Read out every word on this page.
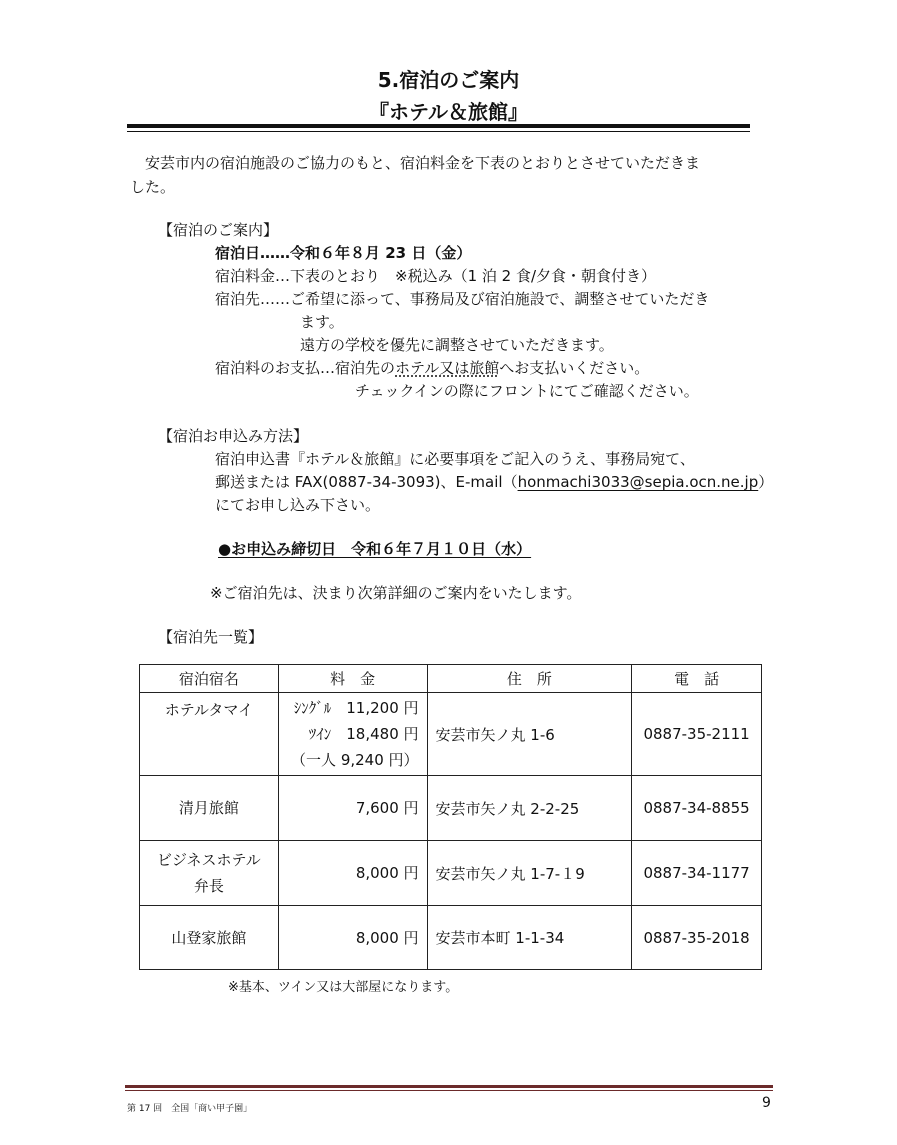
5.宿泊のご案内
『ホテル＆旅館』
安芸市内の宿泊施設のご協力のもと、宿泊料金を下表のとおりとさせていただきま
した。
【宿泊のご案内】
宿泊日……令和６年８月 23 日（金）
宿泊料金…下表のとおり　※税込み（1 泊 2 食/夕食・朝食付き）
宿泊先……ご希望に添って、事務局及び宿泊施設で、調整させていただき
ます。
遠方の学校を優先に調整させていただきます。
宿泊料のお支払…宿泊先のホテル又は旅館へお支払いください。
チェックインの際にフロントにてご確認ください。
【宿泊お申込み方法】
宿泊申込書『ホテル＆旅館』に必要事項をご記入のうえ、事務局宛て、
郵送または FAX(0887-34-3093)、E-mail（honmachi3033@sepia.ocn.ne.jp）
にてお申し込み下さい。
●お申込み締切日　令和６年７月１０日（水）
※ご宿泊先は、決まり次第詳細のご案内をいたします。
【宿泊先一覧】
宿泊宿名	料　金	住　所	電　話

ホテルタマイ	ｼﾝｸﾞﾙ　11,200 円
ﾂｲﾝ　18,480 円
（一人 9,240 円）	安芸市矢ノ丸 1-6	0887-35-2111

清月旅館	7,600 円	安芸市矢ノ丸 2-2-25	0887-34-8855

ビジネスホテル
弁長	8,000 円	安芸市矢ノ丸 1-7-１9	0887-34-1177

山登家旅館	8,000 円	安芸市本町 1-1-34	0887-35-2018
※基本、ツイン又は大部屋になります。
第 17 回　全国「商い甲子園」	9
